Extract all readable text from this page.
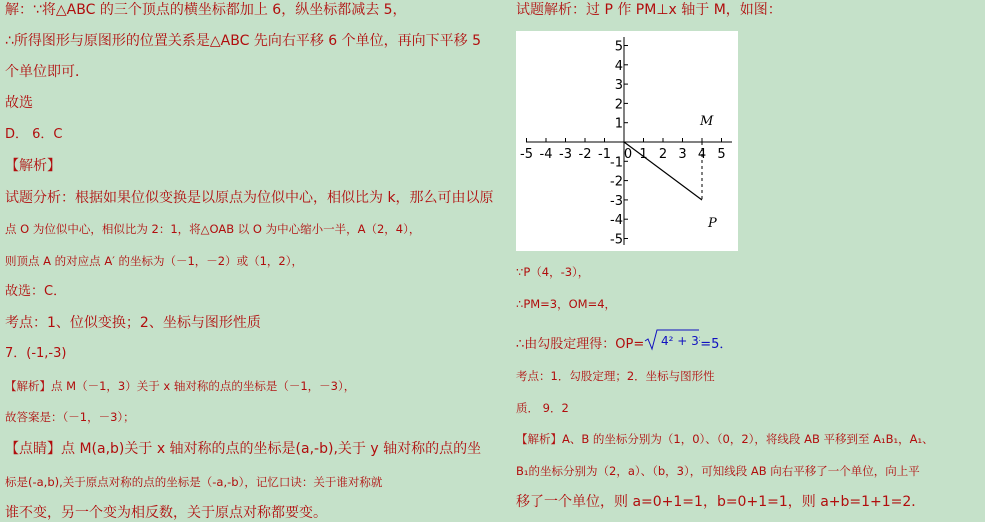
解：∵将△ABC 的三个顶点的横坐标都加上 6，纵坐标都减去 5，
∴所得图形与原图形的位置关系是△ABC 先向右平移 6 个单位，再向下平移 5
个单位即可．
故选
D． 6．C
【解析】
试题分析：根据如果位似变换是以原点为位似中心，相似比为 k，那么可由以原
点 O 为位似中心，相似比为 2：1，将△OAB 以 O 为中心缩小一半，A（2，4），
则顶点 A 的对应点 A′ 的坐标为（－1，－2）或（1，2），
故选：C．
考点：1、位似变换；2、坐标与图形性质
7．(-1,-3)
【解析】点 M（－1，3）关于 x 轴对称的点的坐标是（－1，－3），
故答案是：（－1，－3）；
【点睛】点 M(a,b)关于 x 轴对称的点的坐标是(a,-b),关于 y 轴对称的点的坐
标是(-a,b),关于原点对称的点的坐标是（-a,-b），记忆口诀：关于谁对称就
谁不变，另一个变为相反数，关于原点对称都要变。
试题解析：过 P 作 PM⊥x 轴于 M，如图：
-5 -4 -3 -2 -1 0 1 2 3 4 5
5
4
3
2
1
-1
-2
-3
-4
-5
M
P
∵P（4，-3），
∴PM=3，OM=4，
∴由勾股定理得：OP= 4² + 3²
=5．
考点：1．勾股定理；2．坐标与图形性
质． 9．2
【解析】A、B 的坐标分别为（1，0）、（0，2），将线段 AB 平移到至 A₁B₁，A₁、
B₁的坐标分别为（2，a）、（b，3），可知线段 AB 向右平移了一个单位，向上平
移了一个单位，则 a=0+1=1，b=0+1=1，则 a+b=1+1=2．
